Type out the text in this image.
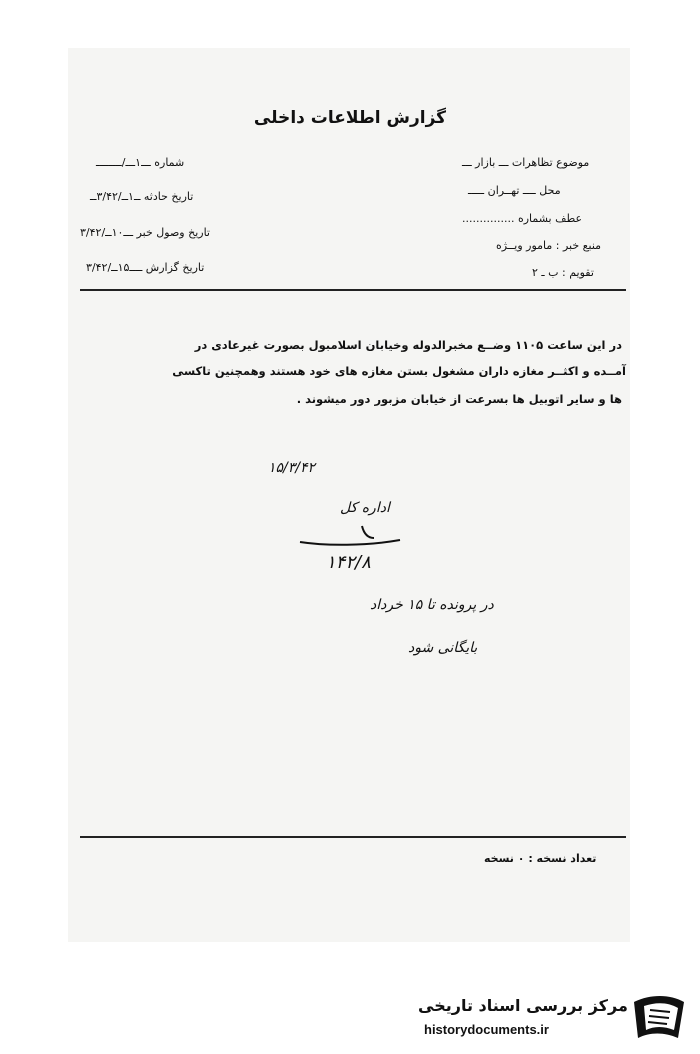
گزارش اطلاعات داخلی
شماره ـــ۱ـــ/ــــــــ
تاریخ حادثه ــ۱ــ/۳/۴۲ــ
تاریخ وصول خبر ـــ۱۰ــ/۳/۴۲
تاریخ گزارش ــــ۱۵ــ/۳/۴۲
موضوع تظاهرات ـــ بازار ـــ
محل ــــ تهــران ـــــ
عطف بشماره ...............
منبع خبر : مامور ویــژه
تقویم : ب ـ ۲
در این ساعت ۱۱۰۵ وضــع مخبرالدوله وخیابان اسلامبول بصورت غیرعادی در
آمــده و اکثــر مغازه داران مشغول بستن مغازه های خود هستند وهمچنین تاکسی
ها و سایر اتوبیل ها بسرعت از خیابان مزبور دور میشوند .
۱۵/۳/۴۲
اداره کل
۱۴۲/۸
در پرونده تا ۱۵ خرداد
بایگانی شود
تعداد نسخه : ۰ نسخه
مرکز بررسی اسناد تاریخی
historydocuments.ir
